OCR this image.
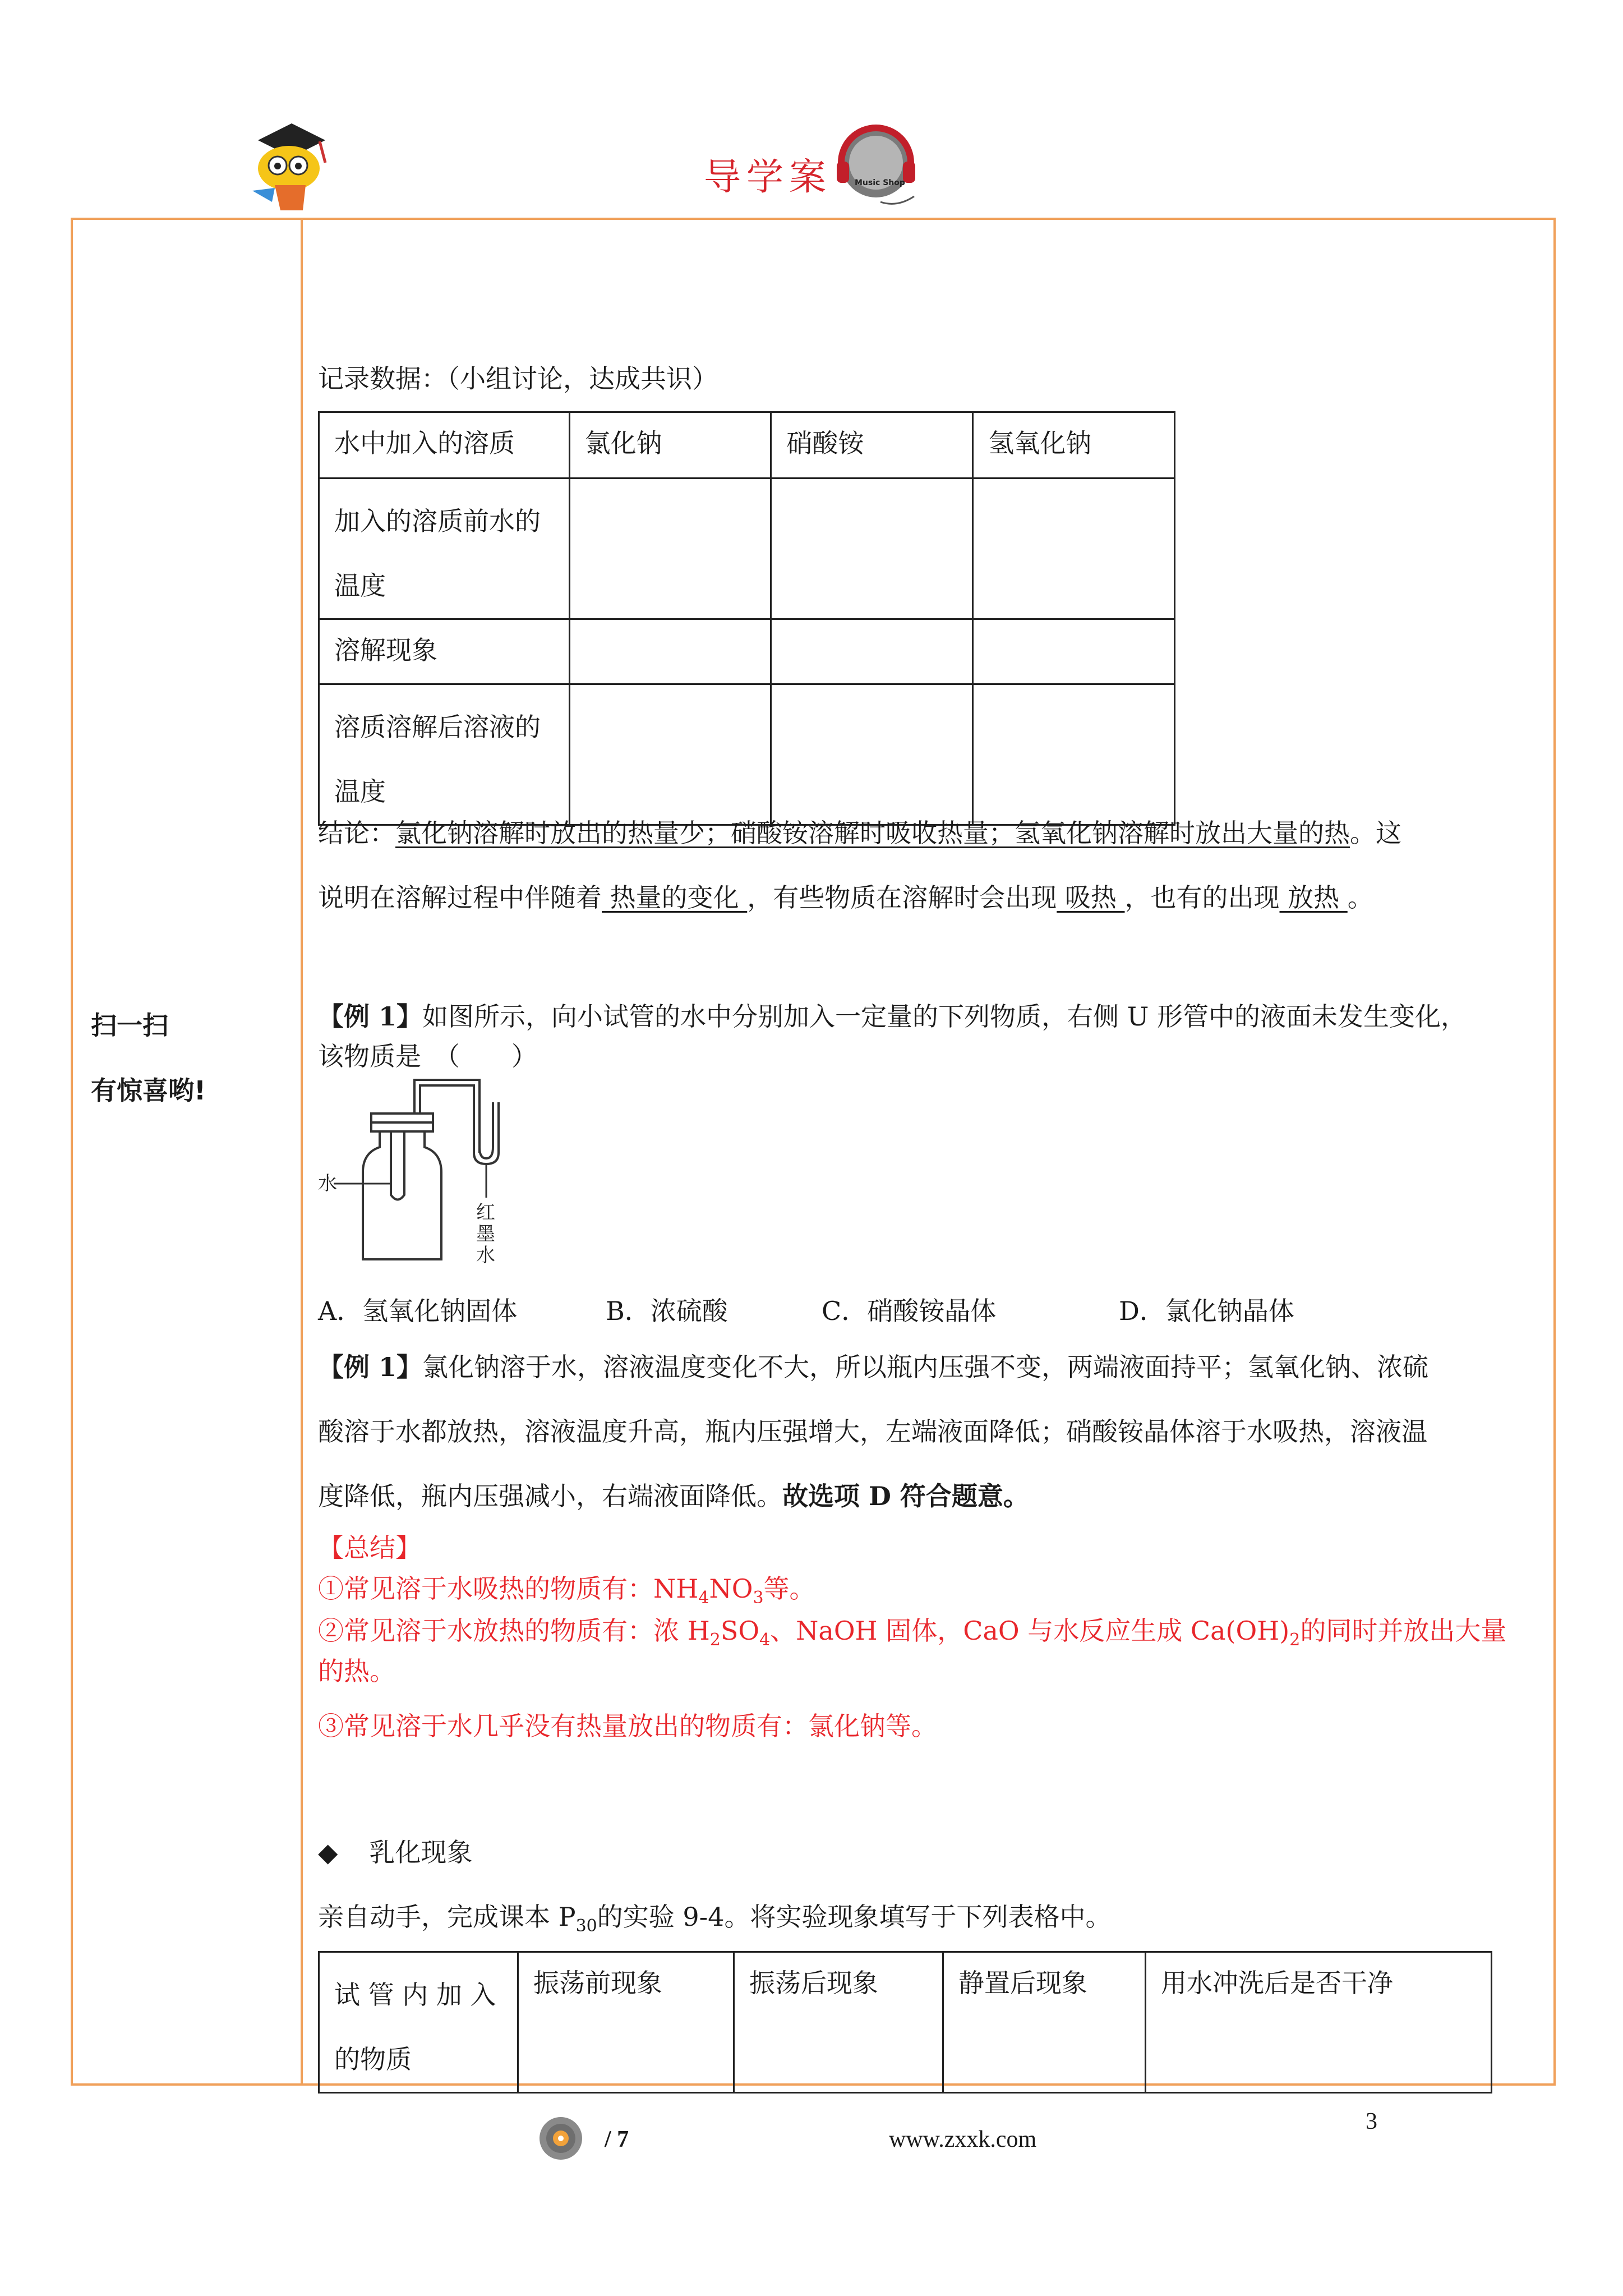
导学案	Music Shop
扫一扫
有惊喜哟!
记录数据：（小组讨论，达成共识）
水中加入的溶质	氯化钠	硝酸铵	氢氧化钠

加入的溶质前水的
温度			

溶解现象			

溶质溶解后溶液的
温度			

结论：氯化钠溶解时放出的热量少；硝酸铵溶解时吸收热量；氢氧化钠溶解时放出大量的热。这
说明在溶解过程中伴随着 热量的变化 ，有些物质在溶解时会出现 吸热 ，也有的出现 放热 。
【例 1】如图所示，向小试管的水中分别加入一定量的下列物质，右侧 U 形管中的液面未发生变化，
该物质是　（　　）
水
红
墨
水
A．氢氧化钠固体	B．浓硫酸	C．硝酸铵晶体	D．氯化钠晶体
【例 1】氯化钠溶于水，溶液温度变化不大，所以瓶内压强不变，两端液面持平；氢氧化钠、浓硫
酸溶于水都放热，溶液温度升高，瓶内压强增大，左端液面降低；硝酸铵晶体溶于水吸热，溶液温
度降低，瓶内压强减小，右端液面降低。故选项 D 符合题意。
【总结】
①常见溶于水吸热的物质有：$NH_4NO_3$等。
②常见溶于水放热的物质有：浓 $H_2SO_4$、NaOH 固体，CaO 与水反应生成 $Ca(OH)_2$的同时并放出大量
的热。
③常见溶于水几乎没有热量放出的物质有：氯化钠等。
◆ 乳化现象
亲自动手，完成课本 $P_{30}$的实验 9-4。将实验现象填写于下列表格中。
试 管 内 加 入
的物质
	振荡前现象	振荡后现象	静置后现象	用水冲洗后是否干净
/ 7	www.zxxk.com
3
